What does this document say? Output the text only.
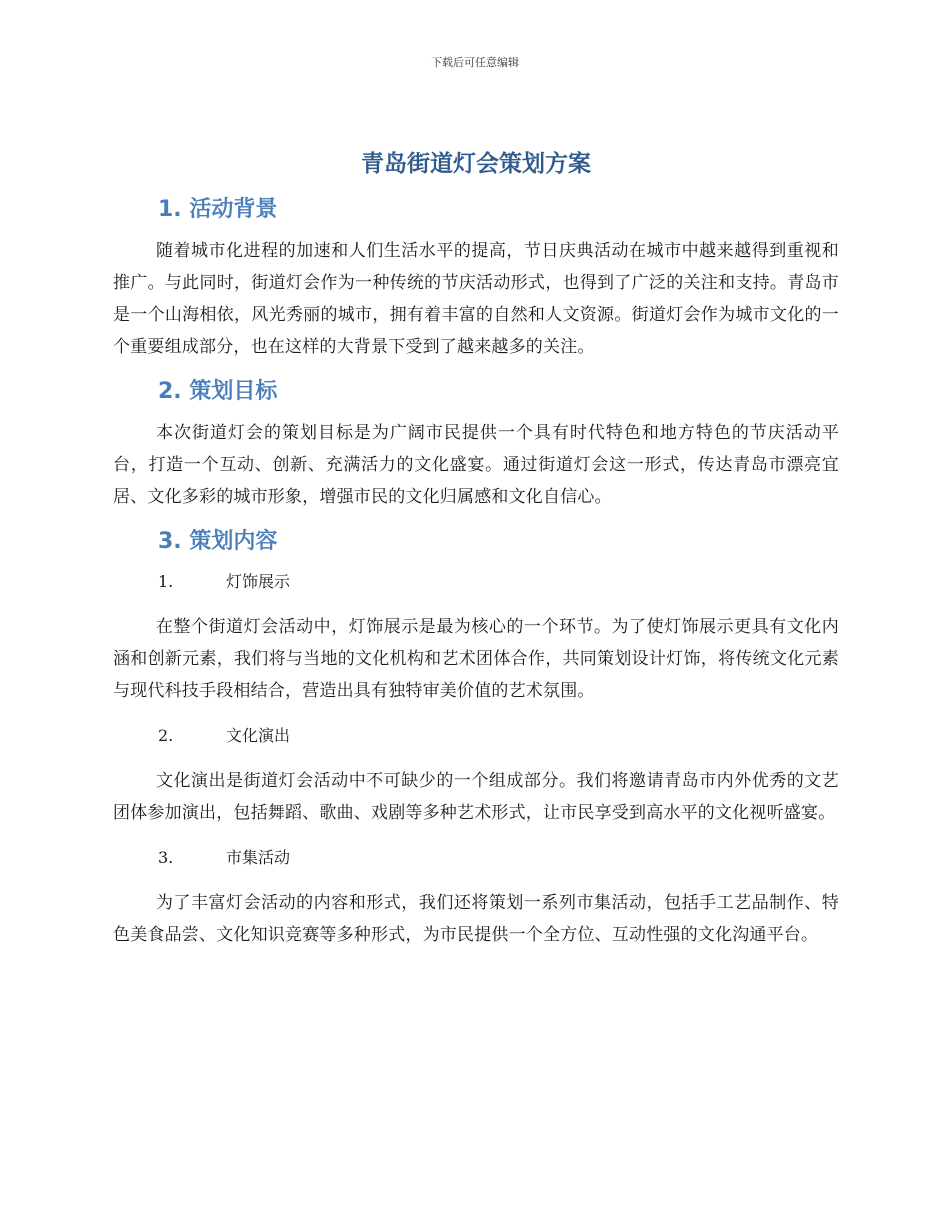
下载后可任意编辑
青岛街道灯会策划方案
1. 活动背景

随着城市化进程的加速和人们生活水平的提高，节日庆典活动在城市中越来越得到重视和推广。与此同时，街道灯会作为一种传统的节庆活动形式，也得到了广泛的关注和支持。青岛市是一个山海相依，风光秀丽的城市，拥有着丰富的自然和人文资源。街道灯会作为城市文化的一个重要组成部分，也在这样的大背景下受到了越来越多的关注。

2. 策划目标

本次街道灯会的策划目标是为广阔市民提供一个具有时代特色和地方特色的节庆活动平台，打造一个互动、创新、充满活力的文化盛宴。通过街道灯会这一形式，传达青岛市漂亮宜居、文化多彩的城市形象，增强市民的文化归属感和文化自信心。

3. 策划内容
1.	灯饰展示

在整个街道灯会活动中，灯饰展示是最为核心的一个环节。为了使灯饰展示更具有文化内涵和创新元素，我们将与当地的文化机构和艺术团体合作，共同策划设计灯饰，将传统文化元素与现代科技手段相结合，营造出具有独特审美价值的艺术氛围。

2.	文化演出

文化演出是街道灯会活动中不可缺少的一个组成部分。我们将邀请青岛市内外优秀的文艺团体参加演出，包括舞蹈、歌曲、戏剧等多种艺术形式，让市民享受到高水平的文化视听盛宴。

3.	市集活动

为了丰富灯会活动的内容和形式，我们还将策划一系列市集活动，包括手工艺品制作、特色美食品尝、文化知识竞赛等多种形式，为市民提供一个全方位、互动性强的文化沟通平台。
